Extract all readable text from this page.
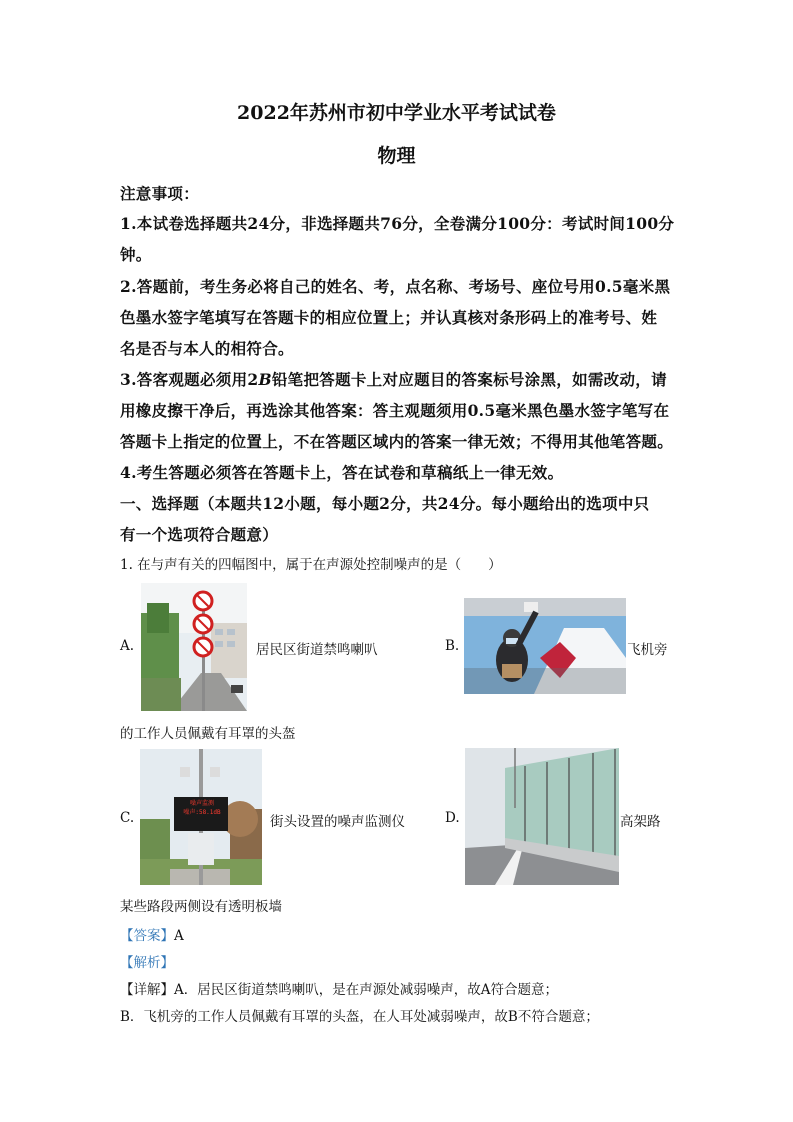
2022年苏州市初中学业水平考试试卷
物理
注意事项：
1.本试卷选择题共24分，非选择题共76分，全卷满分100分：考试时间100分
钟。
2.答题前，考生务必将自己的姓名、考，点名称、考场号、座位号用0.5毫米黑
色墨水签字笔填写在答题卡的相应位置上；并认真核对条形码上的准考号、姓
名是否与本人的相符合。
3.答客观题必须用2B铅笔把答题卡上对应题目的答案标号涂黑，如需改动，请
用橡皮擦干净后，再选涂其他答案：答主观题须用0.5毫米黑色墨水签字笔写在
答题卡上指定的位置上，不在答题区域内的答案一律无效；不得用其他笔答题。
4.考生答题必须答在答题卡上，答在试卷和草稿纸上一律无效。
一、选择题（本题共12小题，每小题2分，共24分。每小题给出的选项中只
有一个选项符合题意）
1. 在与声有关的四幅图中，属于在声源处控制噪声的是（　　）
A.	居民区街道禁鸣喇叭	B.	飞机旁
的工作人员佩戴有耳罩的头盔
C.
噪声监测
噪声:58.1dB
街头设置的噪声监测仪	D.	高架路
某些路段两侧设有透明板墙
【答案】A
【解析】
【详解】A．居民区街道禁鸣喇叭，是在声源处减弱噪声，故A符合题意；
B．飞机旁的工作人员佩戴有耳罩的头盔，在人耳处减弱噪声，故B不符合题意；
